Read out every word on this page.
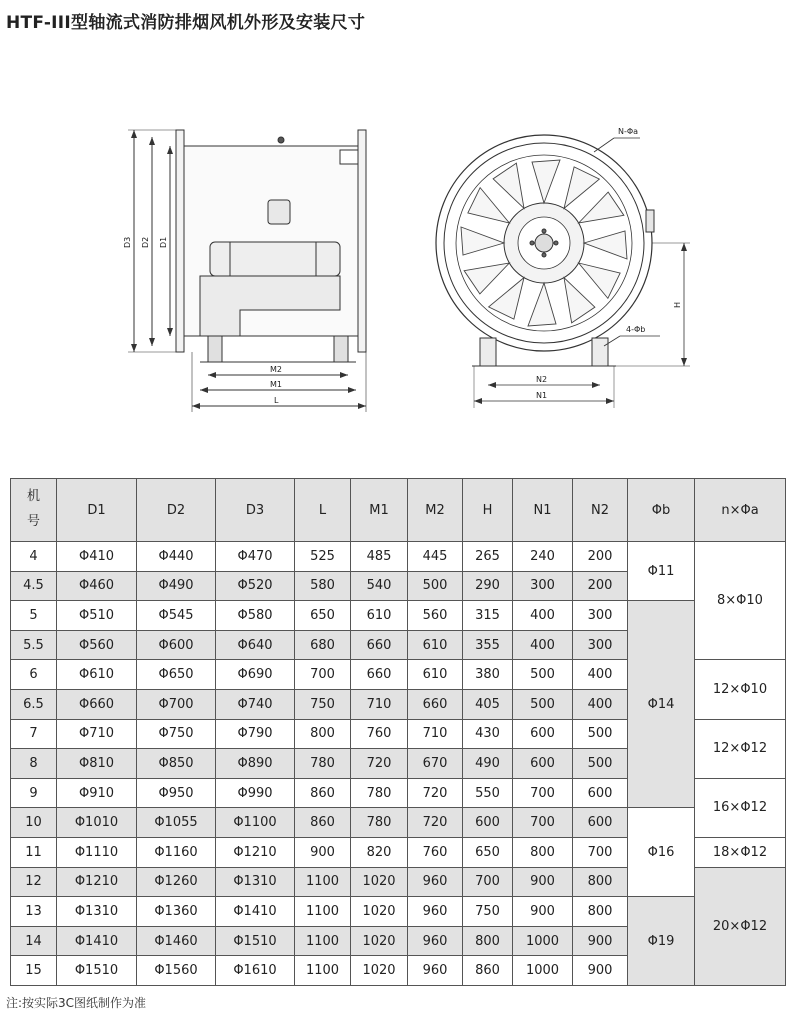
HTF-III型轴流式消防排烟风机外形及安装尺寸
D3 D2 D1
M2
M1
L
N-Φa
4-Φb
H
N2
N1
机
号	D1	D2	D3	L	M1	M2	H	N1	N2	Φb	n×Φa
4	Φ410	Φ440	Φ470	525	485	445	265	240	200	Φ11	8×Φ10
4.5	Φ460	Φ490	Φ520	580	540	500	290	300	200		
5	Φ510	Φ545	Φ580	650	610	560	315	400	300	Φ14	
5.5	Φ560	Φ600	Φ640	680	660	610	355	400	300		
6	Φ610	Φ650	Φ690	700	660	610	380	500	400		12×Φ10
6.5	Φ660	Φ700	Φ740	750	710	660	405	500	400		
7	Φ710	Φ750	Φ790	800	760	710	430	600	500		12×Φ12
8	Φ810	Φ850	Φ890	780	720	670	490	600	500		
9	Φ910	Φ950	Φ990	860	780	720	550	700	600		16×Φ12
10	Φ1010	Φ1055	Φ1100	860	780	720	600	700	600	Φ16	
11	Φ1110	Φ1160	Φ1210	900	820	760	650	800	700		18×Φ12
12	Φ1210	Φ1260	Φ1310	1100	1020	960	700	900	800		20×Φ12
13	Φ1310	Φ1360	Φ1410	1100	1020	960	750	900	800	Φ19	
14	Φ1410	Φ1460	Φ1510	1100	1020	960	800	1000	900		
15	Φ1510	Φ1560	Φ1610	1100	1020	960	860	1000	900		
注:按实际3C图纸制作为准
